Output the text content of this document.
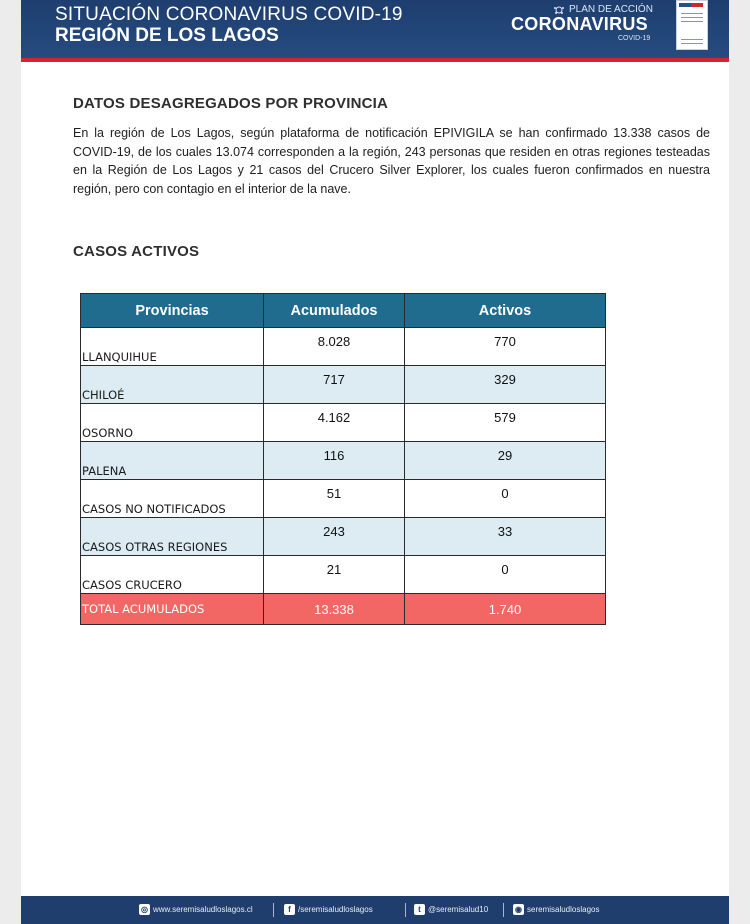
SITUACIÓN CORONAVIRUS COVID-19
REGIÓN DE LOS LAGOS
PLAN DE ACCIÓN
CORONAVIRUS
COVID-19
DATOS DESAGREGADOS POR PROVINCIA
En la región de Los Lagos, según plataforma de notificación EPIVIGILA se han confirmado 13.338 casos de COVID-19, de los cuales 13.074 corresponden a la región, 243 personas que residen en otras regiones testeadas en la Región de Los Lagos y 21 casos del Crucero Silver Explorer, los cuales fueron confirmados en nuestra región, pero con contagio en el interior de la nave.
CASOS ACTIVOS
Provincias	Acumulados	Activos
LLANQUIHUE	8.028	770
CHILOÉ	717	329
OSORNO	4.162	579
PALENA	116	29
CASOS NO NOTIFICADOS	51	0
CASOS OTRAS REGIONES	243	33
CASOS CRUCERO	21	0
TOTAL ACUMULADOS	13.338	1.740
◎ www.seremisaludloslagos.cl	f /seremisaludloslagos	t @seremisalud10	◉ seremisaludloslagos
